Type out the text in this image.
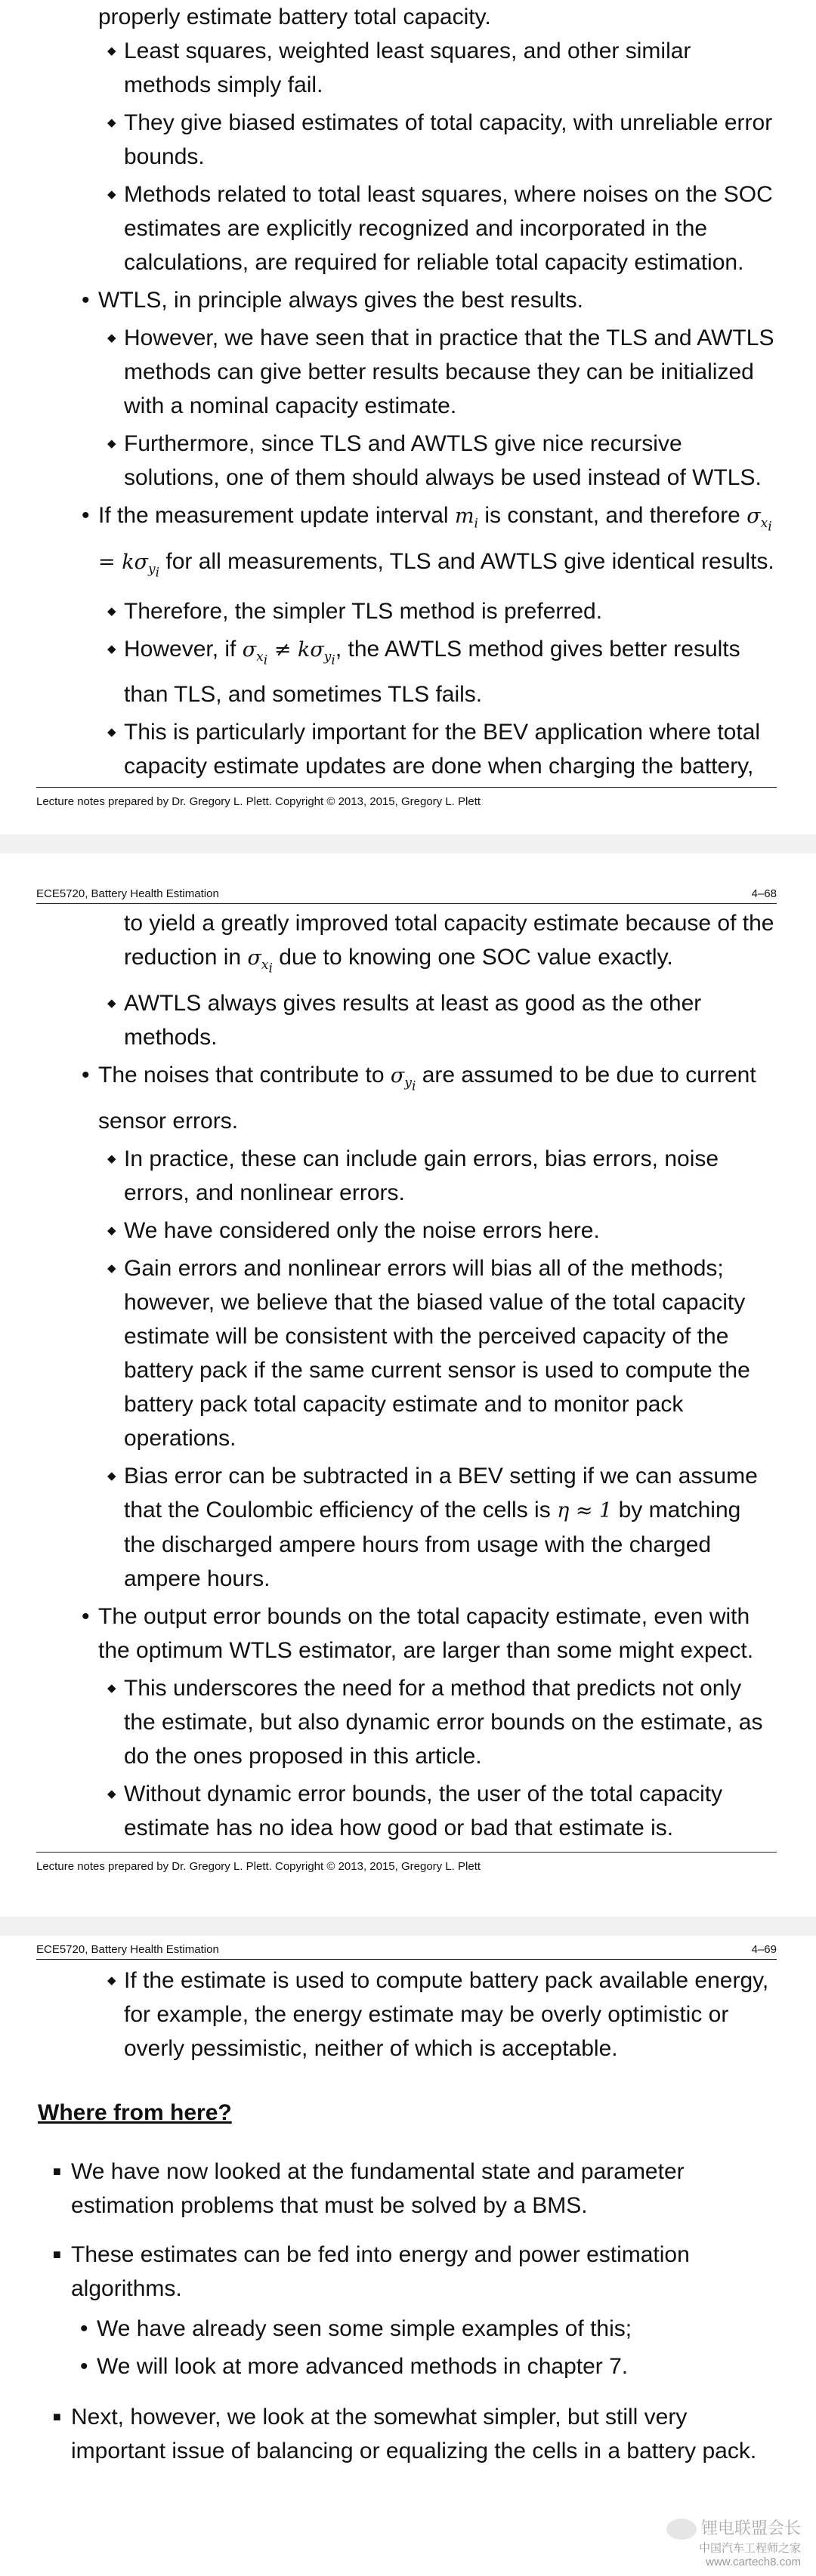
properly estimate battery total capacity.

◆ Least squares, weighted least squares, and other similar methods simply fail.

◆ They give biased estimates of total capacity, with unreliable error bounds.

◆ Methods related to total least squares, where noises on the SOC estimates are explicitly recognized and incorporated in the calculations, are required for reliable total capacity estimation.

• WTLS, in principle always gives the best results.

◆ However, we have seen that in practice that the TLS and AWTLS methods can give better results because they can be initialized with a nominal capacity estimate.

◆ Furthermore, since TLS and AWTLS give nice recursive solutions, one of them should always be used instead of WTLS.

• If the measurement update interval $m_i$ is constant, and therefore $\sigma_{x_i} = k\sigma_{y_i}$ for all measurements, TLS and AWTLS give identical results.

◆ Therefore, the simpler TLS method is preferred.

◆ However, if $\sigma_{x_i} \ne k\sigma_{y_i}$, the AWTLS method gives better results than TLS, and sometimes TLS fails.

◆ This is particularly important for the BEV application where total capacity estimate updates are done when charging the battery,

Lecture notes prepared by Dr. Gregory L. Plett. Copyright © 2013, 2015, Gregory L. Plett
ECE5720, Battery Health Estimation	4–68

to yield a greatly improved total capacity estimate because of the reduction in $\sigma_{x_i}$ due to knowing one SOC value exactly.

◆ AWTLS always gives results at least as good as the other methods.

• The noises that contribute to $\sigma_{y_i}$ are assumed to be due to current sensor errors.

◆ In practice, these can include gain errors, bias errors, noise errors, and nonlinear errors.

◆ We have considered only the noise errors here.

◆ Gain errors and nonlinear errors will bias all of the methods; however, we believe that the biased value of the total capacity estimate will be consistent with the perceived capacity of the battery pack if the same current sensor is used to compute the battery pack total capacity estimate and to monitor pack operations.

◆ Bias error can be subtracted in a BEV setting if we can assume that the Coulombic efficiency of the cells is η ≈ 1 by matching the discharged ampere hours from usage with the charged ampere hours.

• The output error bounds on the total capacity estimate, even with the optimum WTLS estimator, are larger than some might expect.

◆ This underscores the need for a method that predicts not only the estimate, but also dynamic error bounds on the estimate, as do the ones proposed in this article.

◆ Without dynamic error bounds, the user of the total capacity estimate has no idea how good or bad that estimate is.

Lecture notes prepared by Dr. Gregory L. Plett. Copyright © 2013, 2015, Gregory L. Plett
ECE5720, Battery Health Estimation	4–69

◆ If the estimate is used to compute battery pack available energy, for example, the energy estimate may be overly optimistic or overly pessimistic, neither of which is acceptable.

Where from here?

■ We have now looked at the fundamental state and parameter estimation problems that must be solved by a BMS.

■ These estimates can be fed into energy and power estimation algorithms.

• We have already seen some simple examples of this;

• We will look at more advanced methods in chapter 7.

■ Next, however, we look at the somewhat simpler, but still very important issue of balancing or equalizing the cells in a battery pack.

锂电联盟会长
中国汽车工程师之家
www.cartech8.com
